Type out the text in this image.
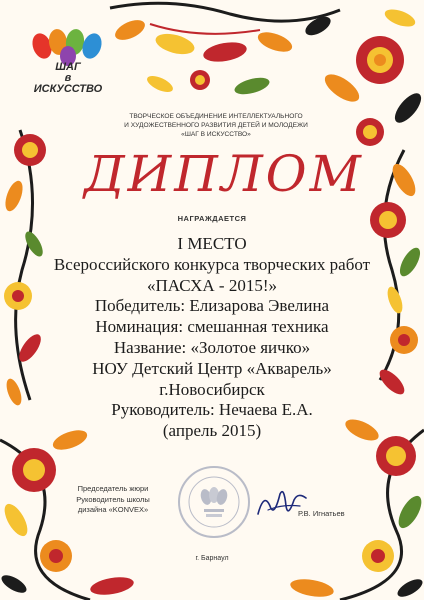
ШАГ
в
ИСКУССТВО
ТВОРЧЕСКОЕ ОБЪЕДИНЕНИЕ ИНТЕЛЛЕКТУАЛЬНОГО
И ХУДОЖЕСТВЕННОГО РАЗВИТИЯ ДЕТЕЙ И МОЛОДЕЖИ
«ШАГ В ИСКУССТВО»
ДИПЛОМ
НАГРАЖДАЕТСЯ
I МЕСТО
Всероссийского конкурса творческих работ
«ПАСХА - 2015!»
Победитель: Елизарова Эвелина
Номинация: смешанная техника
Название: «Золотое яичко»
НОУ Детский Центр «Акварель»
г.Новосибирск
Руководитель: Нечаева Е.А.
(апрель 2015)
Председатель жюри
Руководитель школы
дизайна «KONVEX»	Р.В. Игнатьев
г. Барнаул
